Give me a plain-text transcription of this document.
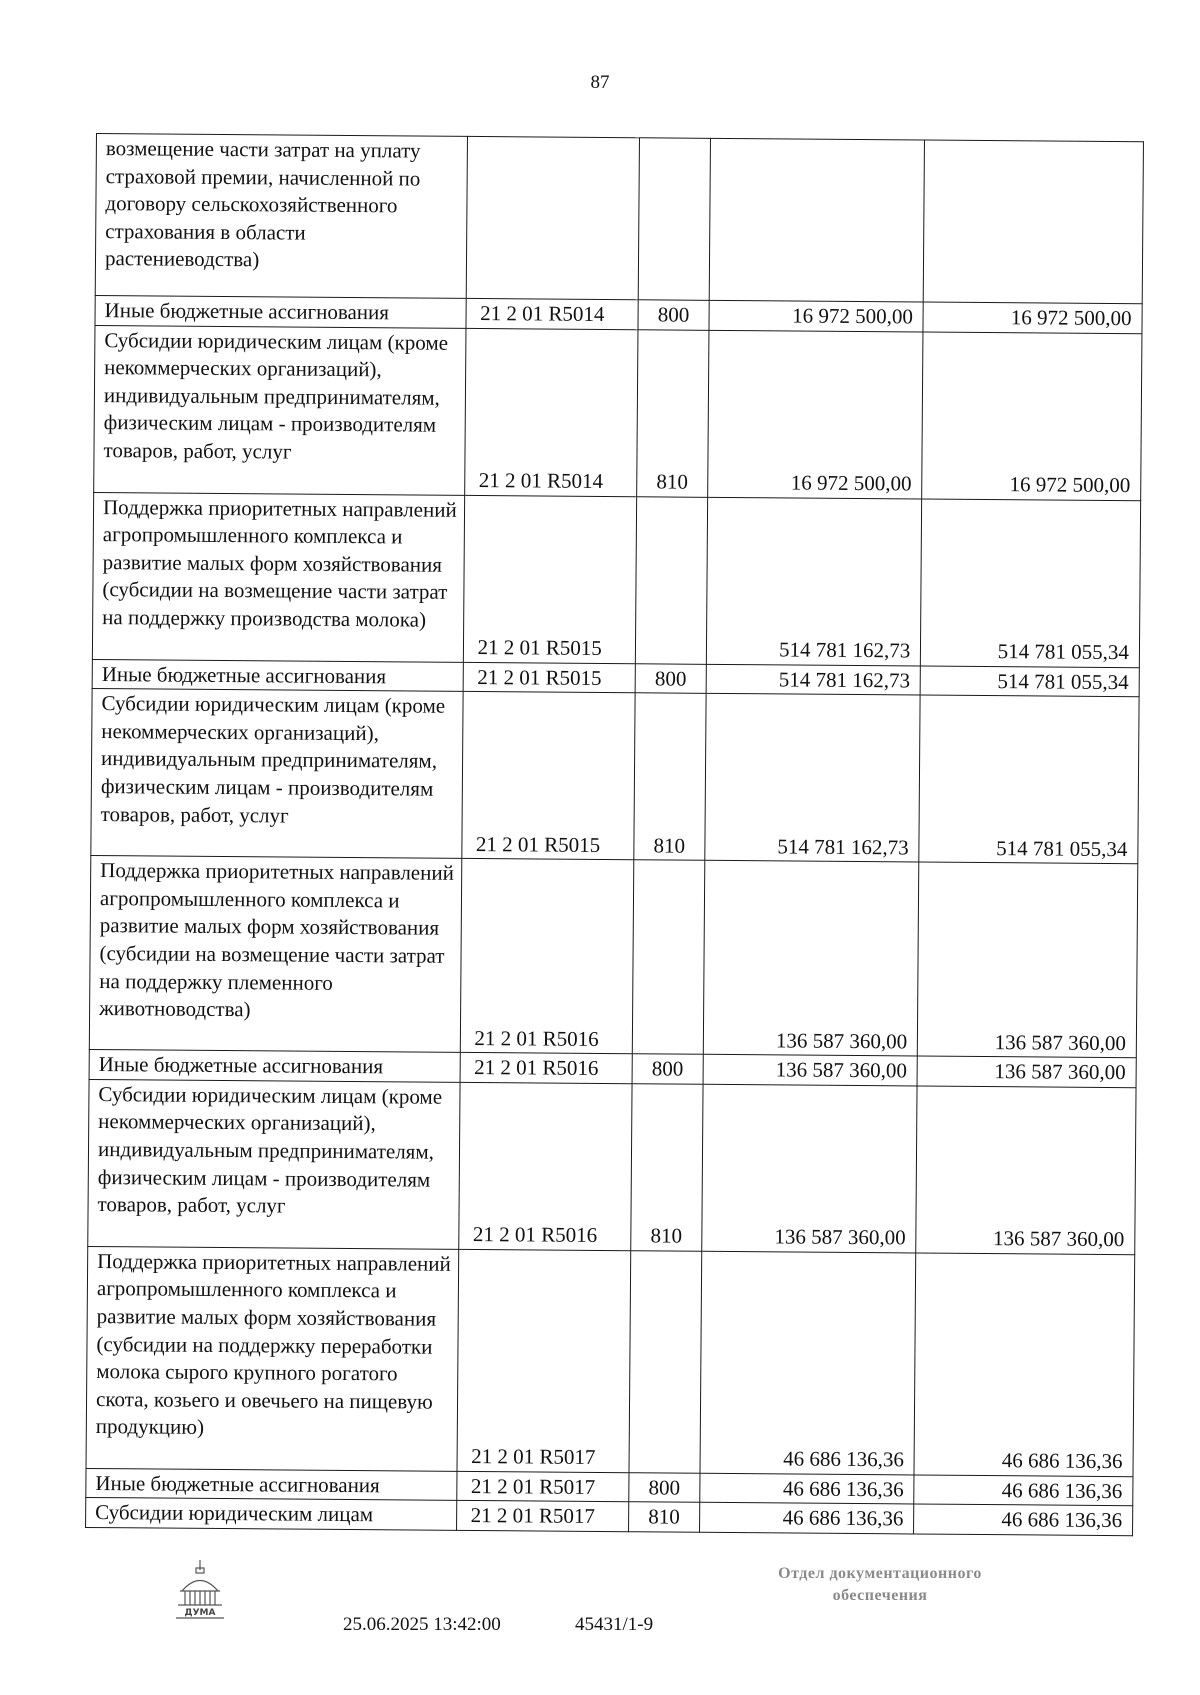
87
возмещение части затрат на уплату страховой премии, начисленной по договору сельскохозяйственного страхования в области растениеводства)				
Иные бюджетные ассигнования	21 2 01 R5014	800	16 972 500,00	16 972 500,00
Субсидии юридическим лицам (кроме некоммерческих организаций), индивидуальным предпринимателям, физическим лицам - производителям товаров, работ, услуг	21 2 01 R5014	810	16 972 500,00	16 972 500,00
Поддержка приоритетных направлений агропромышленного комплекса и развитие малых форм хозяйствования (субсидии на возмещение части затрат на поддержку производства молока)	21 2 01 R5015		514 781 162,73	514 781 055,34
Иные бюджетные ассигнования	21 2 01 R5015	800	514 781 162,73	514 781 055,34
Субсидии юридическим лицам (кроме некоммерческих организаций), индивидуальным предпринимателям, физическим лицам - производителям товаров, работ, услуг	21 2 01 R5015	810	514 781 162,73	514 781 055,34
Поддержка приоритетных направлений агропромышленного комплекса и развитие малых форм хозяйствования (субсидии на возмещение части затрат на поддержку племенного животноводства)	21 2 01 R5016		136 587 360,00	136 587 360,00
Иные бюджетные ассигнования	21 2 01 R5016	800	136 587 360,00	136 587 360,00
Субсидии юридическим лицам (кроме некоммерческих организаций), индивидуальным предпринимателям, физическим лицам - производителям товаров, работ, услуг	21 2 01 R5016	810	136 587 360,00	136 587 360,00
Поддержка приоритетных направлений агропромышленного комплекса и развитие малых форм хозяйствования (субсидии на поддержку переработки молока сырого крупного рогатого скота, козьего и овечьего на пищевую продукцию)	21 2 01 R5017		46 686 136,36	46 686 136,36
Иные бюджетные ассигнования	21 2 01 R5017	800	46 686 136,36	46 686 136,36
Субсидии юридическим лицам	21 2 01 R5017	810	46 686 136,36	46 686 136,36
ДУМА
25.06.2025 13:42:00	45431/1-9
Отдел документационного
обеспечения
